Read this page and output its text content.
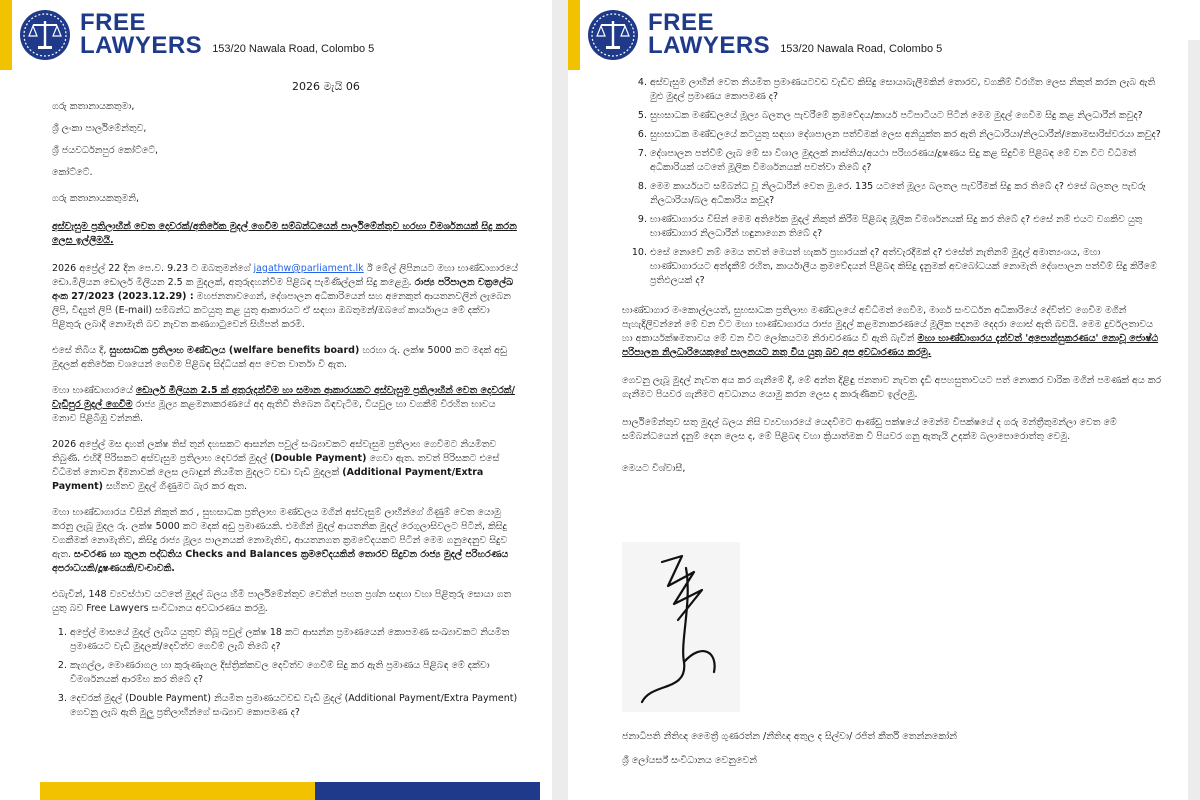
FREE
LAWYERS 153/20 Nawala Road, Colombo 5
2026 මැයි 06
ගරු කතානායකතුමා,
ශ්‍රී ලංකා පාර්ලිමේන්තුව,
ශ්‍රී ජයවර්ධනපුර කෝට්ටේ,
කෝට්ටේ.

ගරු කතානායකතුමනි,

අස්වැසුම ප්‍රතිලාභීන් වෙත දෙවරක්/අතිරේක මුදල් ගෙවීම සම්බන්ධයෙන් පාර්ලිමේන්තුව හරහා විමර්ශනයක් සිදු කරන ලෙස ඉල්ලීමයි.

2026 අප්‍රේල් 22 දින පෙ.ව. 9.23 ට ඔබතුමන්ගේ jagathw@parliament.lk ඊ මේල් ලිපිනයට මහා භාණ්ඩාගාරයේ ඩො.මිලියන ඩොලර් මිලියන 2.5 ක මුදලක්, අතුරුදහන්වීම පිළිබඳ පැමිණිල්ලක් සිදු කළෙමු. රාජ්‍ය පරිපාලන චක්‍රලේඛ අංක 27/2023 (2023.12.29) : මහජනතාවගෙන්, දේශපාලන අධිකාරියෙන් සහ අනෙකුත් ආයතනවලින් ලැබෙන ලිපි, විද්‍යුත් ලිපි (E-mail) සම්බන්ධ කටයුතු කළ යුතු ආකාරයට ඒ සඳහා ඔබතුමන්/ඔබගේ කාර්යාලය මේ දක්වා පිළිතුරු ලබාදී නොමැති බව නැවත කණගාටුවෙන් සිහිපත් කරමි.

එසේ තිබිය දී, සුභසාධක ප්‍රතිලාභ මණ්ඩලය (welfare benefits board) හරහා රු. ලක්ෂ 5000 කට මදක් අඩු මුදලක් අතිරේක වශයෙන් ගෙවීම පිළිබඳ සිද්ධියක් අප වෙත වාර්තා වී ඇත.

මහා භාණ්ඩාගාරයේ ඩොලර් මිලියන 2.5 ක් අතුරුදන්වීම හා සමාන ආකාරයකට අස්වැසුම ප්‍රතිලාභීන් වෙත දෙවරක්/වැඩිපුර මුදල් ගෙවීම රාජ්‍ය මූල්‍ය කළමනාකරණයේ අද ඇතිවී තිබෙන බිඳවැටීම, වියවුල හා වගකීම් විරහිත භාවය මනාව පිළිබිඹු වන්නකි.

2026 අප්‍රේල් මස දාහත් ලක්ෂ තිස් තුන් දහසකට ආසන්න පවුල් සංඛ්‍යාවකට අස්වැසුම ප්‍රතිලාභ ගෙවීමට නියමිතව තිබුණි. එහිදී පිරිසකට අස්වැසුම ප්‍රතිලාභ දෙවරක් මුදල් (Double Payment) ගෙවා ඇත. තවත් පිරිසකට එසේ විධිමත් නොවන දීමනාවක් ලෙස ලබාදුන් නියමිත මුදලට වඩා වැඩි මුදලක් (Additional Payment/Extra Payment) සහිතව මුදල් ගිණුමට බැර කර ඇත.

මහා භාණ්ඩාගාරය විසින් නිකුත් කර , සුභසාධක ප්‍රතිලාභ මණ්ඩලය මගින් අස්වැසුම් ලාභීන්ගේ ගිණුම් වෙත යොමු කරනු ලැබූ මුදල රු. ලක්ෂ 5000 කට මදක් අඩු ප්‍රමාණයකි. එමගින් මුදල් ආයතනික මුදල් රෙගුලාසිවලට පිටින්, කිසිදු වගකීමක් නොමැතිව, කිසිදු රාජ්‍ය මූල්‍ය පාලනයක් නොමැතිව, ආයතනගත ක්‍රමවේදයකට පිටින් මෙම ගනුදෙනුව සිදුව ඇත. සංවරණ හා තුලන පද්ධතිය Checks and Balances ක්‍රමවේදයකින් තොරව සිදුවන රාජ්‍ය මුදල් පරිහරණය අපරාධයකි/දූෂණයකි/වංචාවකි.

එබැවින්, 148 ව්‍යවස්ථාව යටතේ මුදල් බලය හිමි පාර්ලිමේන්තුව වෙතින් පහත ප්‍රශ්න සඳහා වහා පිළිතුරු සොයා ගත යුතු බව Free Lawyers සංවිධානය අවධාරණය කරමු.

1. අප්‍රේල් මාසයේ මුදල් ලැබිය යුතුව තිබූ පවුල් ලක්ෂ 18 කට ආසන්න ප්‍රමාණයෙන් කොපමණ සංඛ්‍යාවකට නියමිත ප්‍රමාණයට වැඩි මුදලක්/දෙවිත්ව ගෙවීම් ලැබී තිබේ ද?
2. කැගල්ල, මොණරාගල හා කුරුණෑගල දිස්ත්‍රික්කවල දෙවිත්ව ගෙවීම් සිදු කර ඇති ප්‍රමාණය පිළිබඳ මේ දක්වා විමර්ශනයක් ආරම්භ කර තිබේ ද?
3. දෙවරක් මුදල් (Double Payment) නියමිත ප්‍රමාණයටවඩ වැඩි මුදල් (Additional Payment/Extra Payment) ගෙවනු ලැබ ඇති මුලු ප්‍රතිලාභීන්ගේ සංඛ්‍යාව කොපමණ ද?
FREE
LAWYERS 153/20 Nawala Road, Colombo 5
4. අස්වැසුම ලාභීන් වෙත නියමිත ප්‍රමාණයටවඩ වැඩිව කිසිදු සොයාබැලීමකින් තොරව, වගකීම් විරහිත ලෙස නිකුත් කරන ලැබ ඇති මුළු මුදල් ප්‍රමාණය කොපමණ ද?
5. සුභසාධක මණ්ඩලයේ මූල්‍ය බලතල පැවරීමේ ක්‍රමවේදය/කාර්ය පටිපාටියට පිටින් මෙම මුදල් ගෙවීම සිදු කළ නිලධාරීන් කවුද?
6. සුභසාධක මණ්ඩලයේ කටයුතු සඳහා දේශපාලන පත්වීමක් ලෙස අනියුක්ත කර ඇති නිලධාරියා/නිලධාරීන්/කොමසාරිස්වරයා කවුද?
7. දේශපාලන පත්වීම් ලැබ මේ සා විශාල මුදලක් නාස්තිය/අයථා පරිහරණය/දූෂණය සිදු කළ සිදුවීම පිළිබඳ මේ වන විට විධිමත් අධිකාරියක් යටතේ මූලික විමර්ශනයක් පවත්වා තිබේ ද?
8. මෙම කාර්යයට සම්බන්ධ වූ නිලධාරීන් වෙත මු.රෙ. 135 යටතේ මූල්‍ය බලතල පැවරීමක් සිදු කර තිබේ ද? එසේ බලතල පැවරූ නිලධාරියා/බල අධිකාරිය කවුද?
9. භාණ්ඩාගාරය විසින් මෙම අතිරේක මුදල් නිකුත් කිරීම පිළිබඳ මූලික විමර්ශනයක් සිදු කර තිබේ ද? එසේ නම් එයට වගකිව යුතු භාණ්ඩාගාර නිලධාරීන් හඳුනාගෙන තිබේ ද?
10. එසේ නොවේ නම් මෙය තවත් මෙයත් හැකර් ප්‍රහාරයක් ද? අත්වැරදීමක් ද? එසේත් නැතිනම් මුදල් අමාත්‍යංශය, මහා භාණ්ඩාගාරයට අත්දැකීම් රහිත, කාර්යාලීය ක්‍රමවේදයන් පිළිබඳ කිසිදු දැනුමක් අවබෝධයක් නොමැති දේශපාලන පත්වීම් සිදු කිරීමේ ප්‍රතිඵලයක් ද?

භාණ්ඩාගාර මංකොල්ලයත්, සුභසාධක ප්‍රතිලාභ මණ්ඩලයේ අවිධිමත් ගෙවීම, මාර්ග සංවර්ධන අධිකාරියේ දේවිත්ව ගෙවීම මගින් පැහැදිලිවන්නේ මේ වන විට මහා භාණ්ඩාගාරය රාජ්‍ය මුදල් කළමනාකරණයේ මූලික පදනම දෙදරා ගොස් ඇති බවයි. මෙම දුර්වලතාවය හා අකාර්යක්ෂමතාවය මේ වන විට ලෝකයටම නිරාවරණය වී ඇති බැවින් මහා භාණ්ඩාගාරය දැන්වත් 'අපොන්සුකරණය' නොවූ ජොෂ්ඨ පරිපාලන නිලධාරියෙකුගේ පාලනයට නතු විය යුතු බව අප අවධාරණය කරමු.

ගෙවනු ලැබූ මුදල් නැවත අය කර ගැනීමේ දී, මේ අන්ත දිළිඳු ජනතාව නැවත දැඩි අපහසුතාවයට පත් නොකර වාරික මගින් පමණක් අය කර ගැනීමට පියවර ගැනීමට අවධානය යොමු කරන ලෙස ද කාරුණිකව ඉල්ලමු.

පාර්ලිමේන්තුව සතු මුදල් බලය නිසි ව්‍යවහාරයේ යෙදවීමට ආණ්ඩු පක්ෂයේ මෙන්ම විපක්ෂයේ ද ගරු මන්ත්‍රීතුමන්ලා වෙත මේ සම්බන්ධයෙන් දැනුම් දෙන ලෙස ද, මේ පිළිබඳ වහා ක්‍රියාත්මක වී පියවර ගනු ඇතැයි උදක්ම බලාපොරොත්තු වෙමු.

මෙයට විශ්වාසී,

ජනාධිපති නීතිඥ මෛත්‍රී ගුණරත්න /නීතිඥ අතුල ද සිල්වා/ රජිත් කීර්ති තෙන්නකෝන්

ශ්‍රී ලෝයර්ස් සංවිධානය වෙනුවෙන්
